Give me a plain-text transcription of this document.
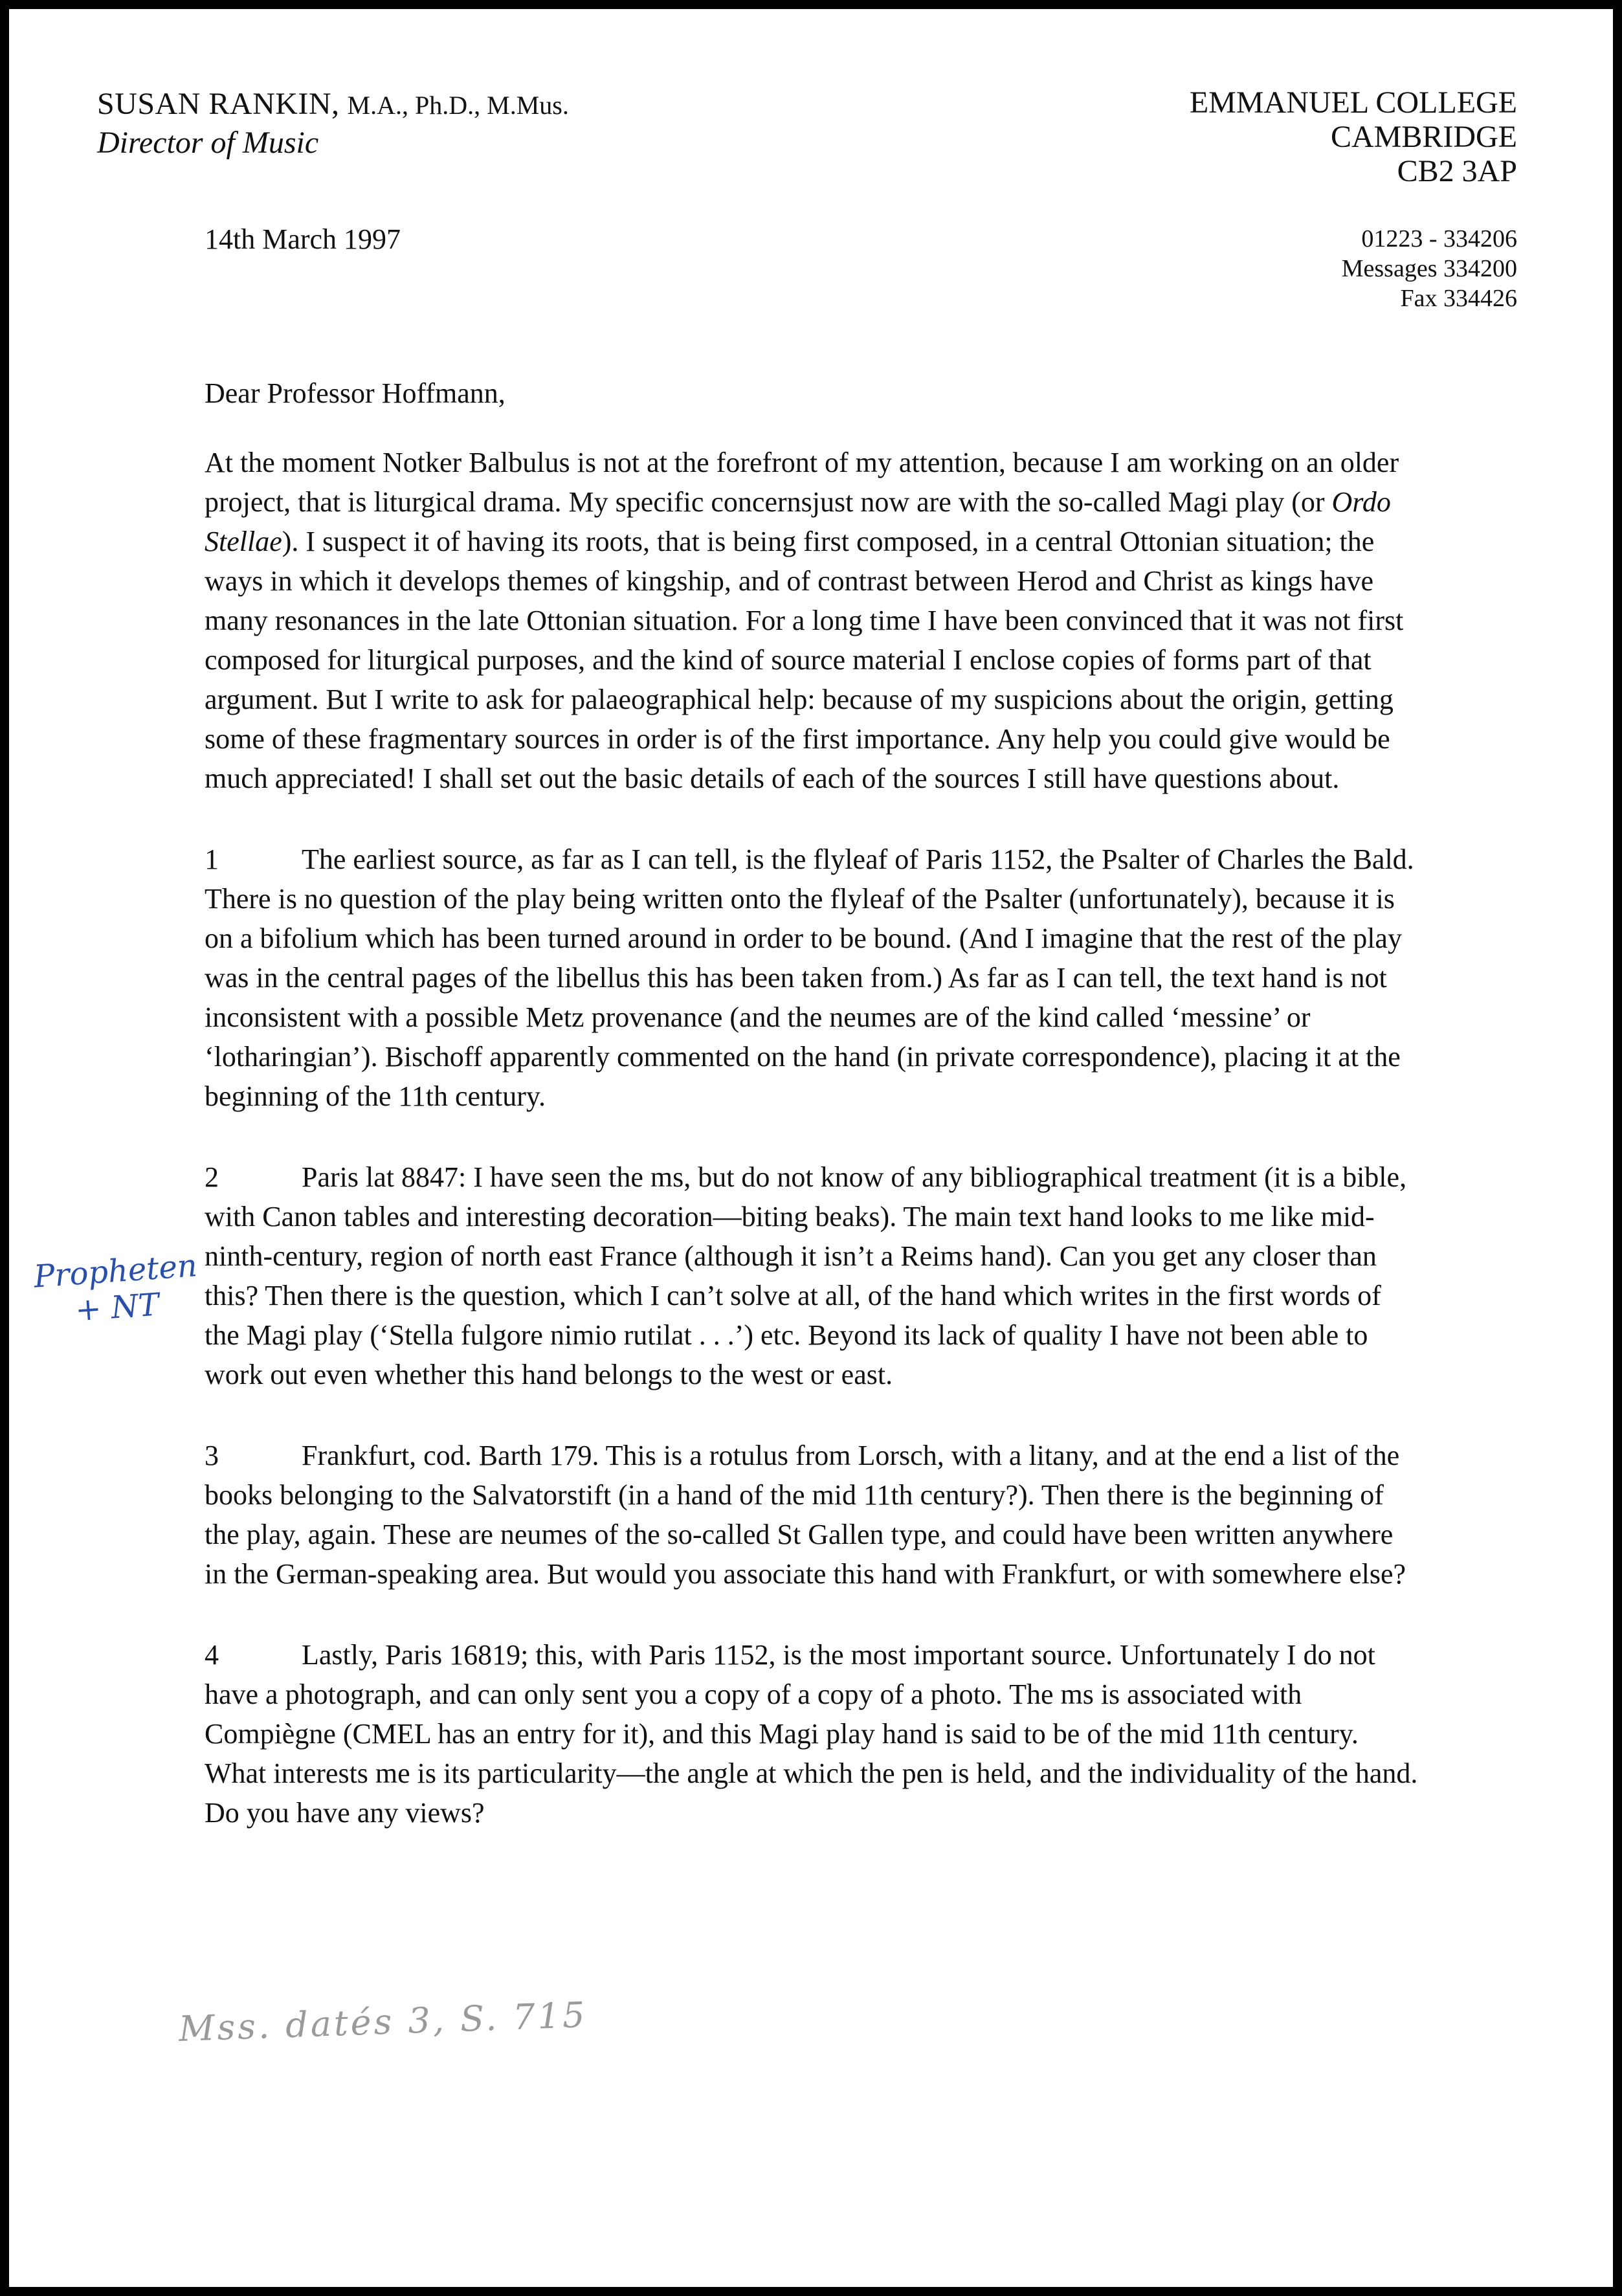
SUSAN RANKIN, M.A., Ph.D., M.Mus.
Director of Music
EMMANUEL COLLEGE
CAMBRIDGE
CB2 3AP
01223 - 334206
Messages 334200
Fax 334426
14th March 1997
Dear Professor Hoffmann,

At the moment Notker Balbulus is not at the forefront of my attention, because I am working on an older project, that is liturgical drama. My specific concernsjust now are with the so-called Magi play (or Ordo Stellae). I suspect it of having its roots, that is being first composed, in a central Ottonian situation; the ways in which it develops themes of kingship, and of contrast between Herod and Christ as kings have many resonances in the late Ottonian situation. For a long time I have been convinced that it was not first composed for liturgical purposes, and the kind of source material I enclose copies of forms part of that argument. But I write to ask for palaeographical help: because of my suspicions about the origin, getting some of these fragmentary sources in order is of the first importance. Any help you could give would be much appreciated! I shall set out the basic details of each of the sources I still have questions about.

1	The earliest source, as far as I can tell, is the flyleaf of Paris 1152, the Psalter of Charles the Bald. There is no question of the play being written onto the flyleaf of the Psalter (unfortunately), because it is on a bifolium which has been turned around in order to be bound. (And I imagine that the rest of the play was in the central pages of the libellus this has been taken from.) As far as I can tell, the text hand is not inconsistent with a possible Metz provenance (and the neumes are of the kind called ‘messine’ or ‘lotharingian’). Bischoff apparently commented on the hand (in private correspondence), placing it at the beginning of the 11th century.

2	Paris lat 8847: I have seen the ms, but do not know of any bibliographical treatment (it is a bible, with Canon tables and interesting decoration—biting beaks). The main text hand looks to me like mid-ninth-century, region of north east France (although it isn’t a Reims hand). Can you get any closer than this? Then there is the question, which I can’t solve at all, of the hand which writes in the first words of the Magi play (‘Stella fulgore nimio rutilat . . .’) etc. Beyond its lack of quality I have not been able to work out even whether this hand belongs to the west or east.

3	Frankfurt, cod. Barth 179. This is a rotulus from Lorsch, with a litany, and at the end a list of the books belonging to the Salvatorstift (in a hand of the mid 11th century?). Then there is the beginning of the play, again. These are neumes of the so-called St Gallen type, and could have been written anywhere in the German-speaking area. But would you associate this hand with Frankfurt, or with somewhere else?

4	Lastly, Paris 16819; this, with Paris 1152, is the most important source. Unfortunately I do not have a photograph, and can only sent you a copy of a copy of a photo. The ms is associated with Compiègne (CMEL has an entry for it), and this Magi play hand is said to be of the mid 11th century. What interests me is its particularity—the angle at which the pen is held, and the individuality of the hand. Do you have any views?

Propheten
+ NT
Mss. datés 3, S. 715
